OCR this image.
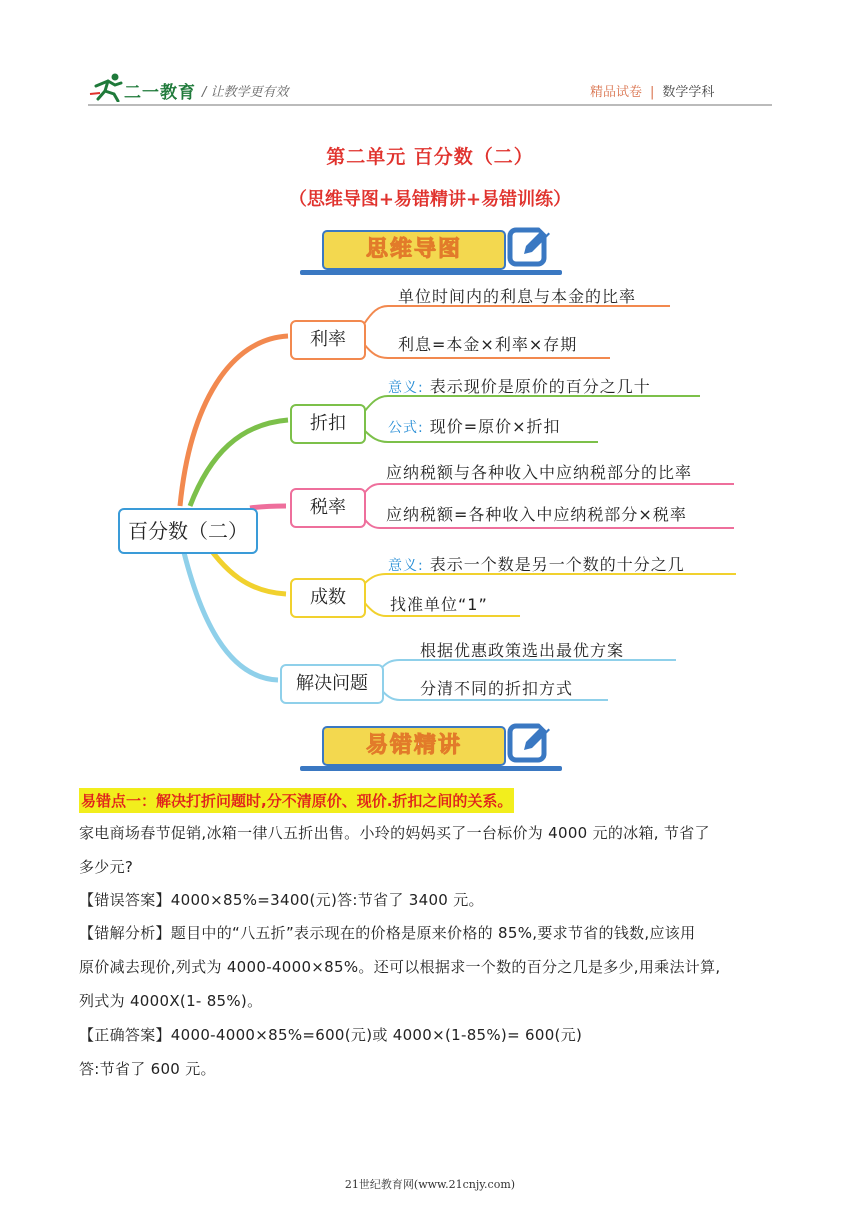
二一教育 / 让教学更有效	精品试卷 | 数学学科
第二单元 百分数（二）
（思维导图+易错精讲+易错训练）
思维导图
百分数（二）
利率
折扣
税率
成数
解决问题
单位时间内的利息与本金的比率
利息=本金×利率×存期
意义: 表示现价是原价的百分之几十
公式: 现价=原价×折扣
应纳税额与各种收入中应纳税部分的比率
应纳税额=各种收入中应纳税部分×税率
意义: 表示一个数是另一个数的十分之几
找准单位“1”
根据优惠政策选出最优方案
分清不同的折扣方式
易错精讲
易错点一：解决打折问题时,分不清原价、现价.折扣之间的关系。
家电商场春节促销,冰箱一律八五折出售。小玲的妈妈买了一台标价为 4000 元的冰箱, 节省了
多少元?
【错误答案】4000×85%=3400(元)答:节省了 3400 元。
【错解分析】题目中的“八五折”表示现在的价格是原来价格的 85%,要求节省的钱数,应该用
原价减去现价,列式为 4000-4000×85%。还可以根据求一个数的百分之几是多少,用乘法计算,
列式为 4000X(1- 85%)。
【正确答案】4000-4000×85%=600(元)或 4000×(1-85%)= 600(元)
答:节省了 600 元。
21世纪教育网(www.21cnjy.com)
